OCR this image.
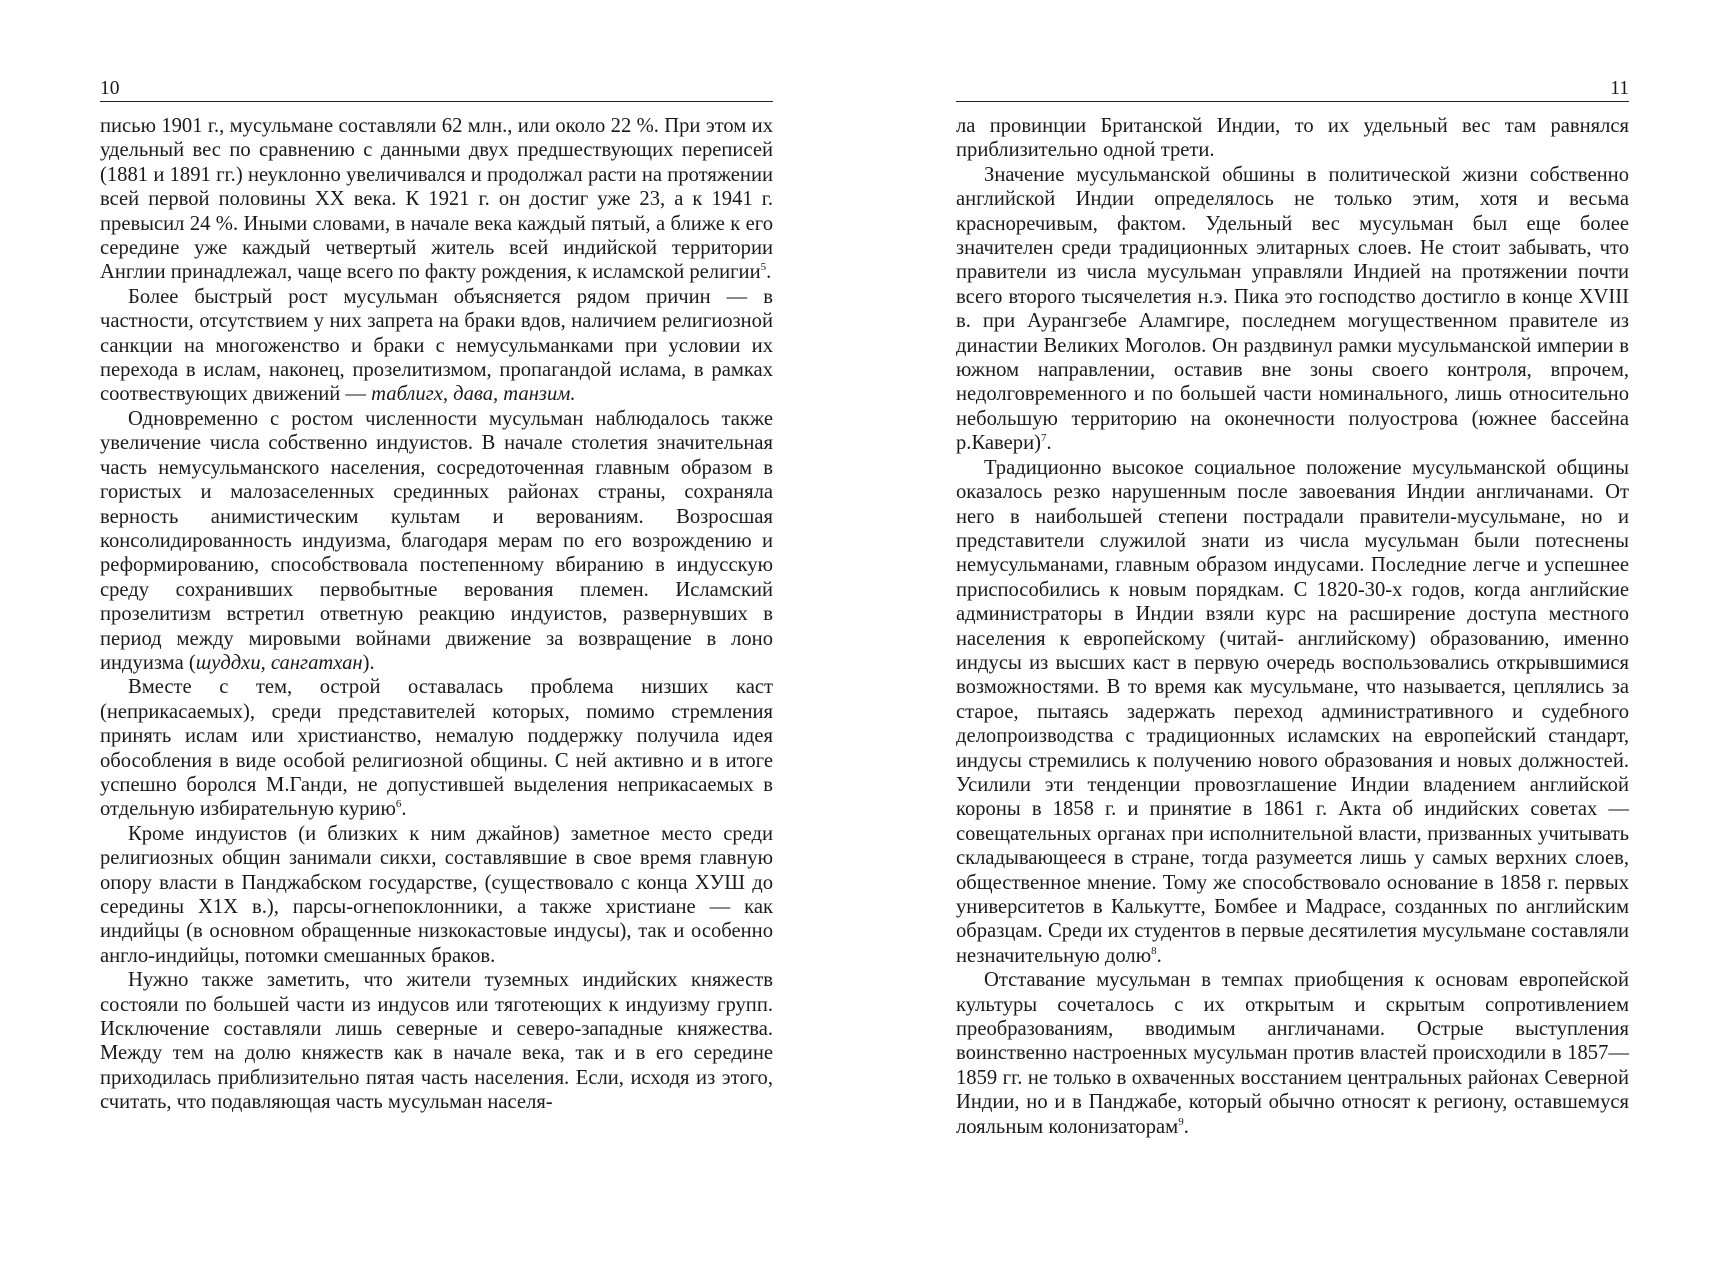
10

писью 1901 г., мусульмане составляли 62 млн., или около 22 %. При этом их удельный вес по сравнению с данными двух предшествующих переписей (1881 и 1891 гг.) неуклонно увеличивался и продолжал расти на протяжении всей первой половины XX века. К 1921 г. он достиг уже 23, а к 1941 г. превысил 24 %. Иными словами, в начале века каждый пятый, а ближе к его середине уже каждый четвертый житель всей индийской территории Англии принадлежал, чаще всего по факту рождения, к исламской религии$^5$.

Более быстрый рост мусульман объясняется рядом причин — в частности, отсутствием у них запрета на браки вдов, наличием религиозной санкции на многоженство и браки с немусульманками при условии их перехода в ислам, наконец, прозелитизмом, пропагандой ислама, в рамках соотвествующих движений — таблигх, дава, танзим.

Одновременно с ростом численности мусульман наблюдалось также увеличение числа собственно индуистов. В начале столетия значительная часть немусульманского населения, сосредоточенная главным образом в гористых и малозаселенных срединных районах страны, сохраняла верность анимистическим культам и верованиям. Возросшая консолидированность индуизма, благодаря мерам по его возрождению и реформированию, способствовала постепенному вбиранию в индусскую среду сохранивших первобытные верования племен. Исламский прозелитизм встретил ответную реакцию индуистов, развернувших в период между мировыми войнами движение за возвращение в лоно индуизма (шуддхи, сангатхан).

Вместе с тем, острой оставалась проблема низших каст (неприкасаемых), среди представителей которых, помимо стремления принять ислам или христианство, немалую поддержку получила идея обособления в виде особой религиозной общины. С ней активно и в итоге успешно боролся М.Ганди, не допустившей выделения неприкасаемых в отдельную избирательную курию$^6$.

Кроме индуистов (и близких к ним джайнов) заметное место среди религиозных общин занимали сикхи, составлявшие в свое время главную опору власти в Панджабском государстве, (существовало с конца ХУШ до середины Х1Х в.), парсы-огнепоклонники, а также христиане — как индийцы (в основном обращенные низкокастовые индусы), так и особенно англо-индийцы, потомки смешанных браков.

Нужно также заметить, что жители туземных индийских княжеств состояли по большей части из индусов или тяготеющих к индуизму групп. Исключение составляли лишь северные и северо-западные княжества. Между тем на долю княжеств как в начале века, так и в его середине приходилась приблизительно пятая часть населения. Если, исходя из этого, считать, что подавляющая часть мусульман населя-

11

ла провинции Британской Индии, то их удельный вес там равнялся приблизительно одной трети.

Значение мусульманской обшины в политической жизни собственно английской Индии определялось не только этим, хотя и весьма красноречивым, фактом. Удельный вес мусульман был еще более значителен среди традиционных элитарных слоев. Не стоит забывать, что правители из числа мусульман управляли Индией на протяжении почти всего второго тысячелетия н.э. Пика это господство достигло в конце XVIII в. при Аурангзебе Аламгире, последнем могущественном правителе из династии Великих Моголов. Он раздвинул рамки мусульманской империи в южном направлении, оставив вне зоны своего контроля, впрочем, недолговременного и по большей части номинального, лишь относительно небольшую территорию на оконечности полуострова (южнее бассейна р.Кавери)$^7$.

Традиционно высокое социальное положение мусульманской общины оказалось резко нарушенным после завоевания Индии англичанами. От него в наибольшей степени пострадали правители-мусульмане, но и представители служилой знати из числа мусульман были потеснены немусульманами, главным образом индусами. Последние легче и успешнее приспособились к новым порядкам. С 1820-30-х годов, когда английские администраторы в Индии взяли курс на расширение доступа местного населения к европейскому (читай- английскому) образованию, именно индусы из высших каст в первую очередь воспользовались открывшимися возможностями. В то время как мусульмане, что называется, цеплялись за старое, пытаясь задержать переход административного и судебного делопроизводства с традиционных исламских на европейский стандарт, индусы стремились к получению нового образования и новых должностей. Усилили эти тенденции провозглашение Индии владением английской короны в 1858 г. и принятие в 1861 г. Акта об индийских советах — совещательных органах при исполнительной власти, призванных учитывать складывающееся в стране, тогда разумеется лишь у самых верхних слоев, общественное мнение. Тому же способствовало основание в 1858 г. первых университетов в Калькутте, Бомбее и Мадрасе, созданных по английским образцам. Среди их студентов в первые десятилетия мусульмане составляли незначительную долю$^8$.

Отставание мусульман в темпах приобщения к основам европейской культуры сочеталось с их открытым и скрытым сопротивлением преобразованиям, вводимым англичанами. Острые выступления воинственно настроенных мусульман против властей происходили в 1857—1859 гг. не только в охваченных восстанием центральных районах Северной Индии, но и в Панджабе, который обычно относят к региону, оставшемуся лояльным колонизаторам$^9$.
